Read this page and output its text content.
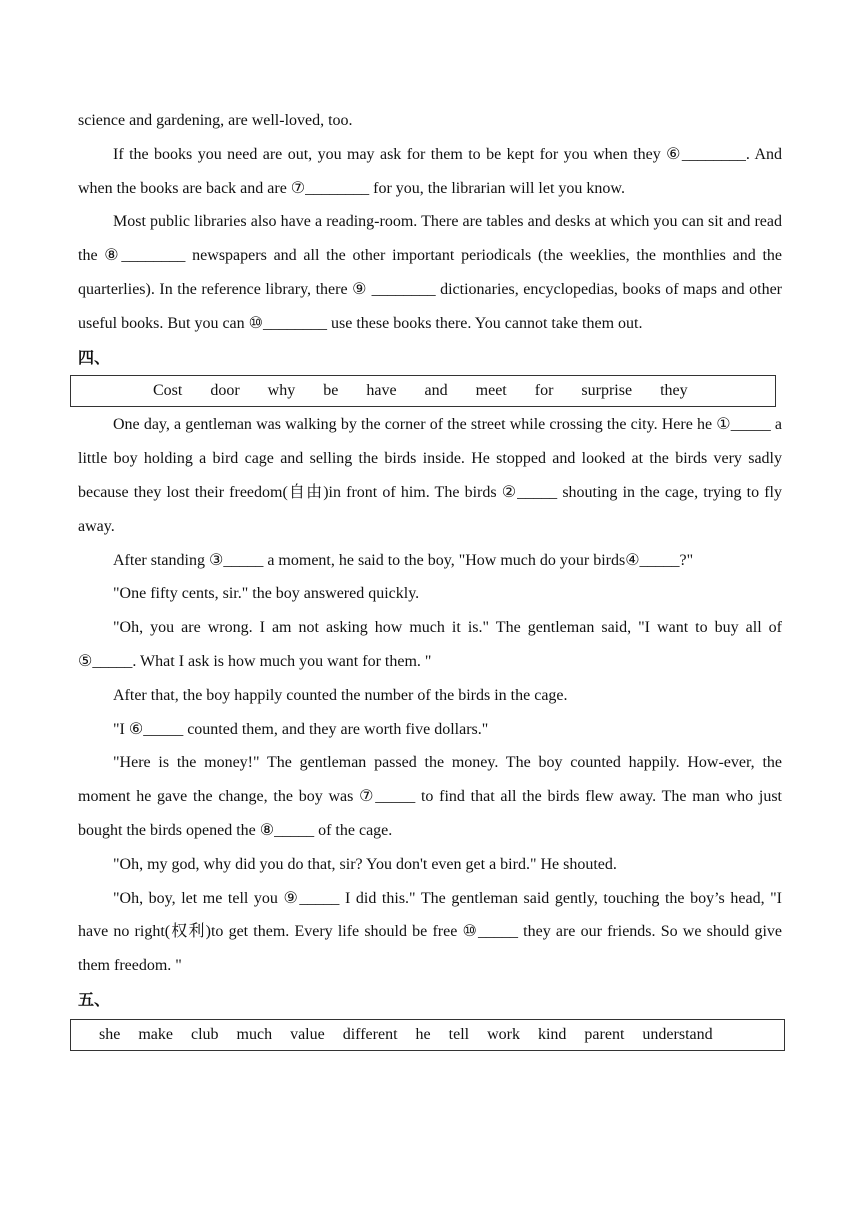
science and gardening, are well-loved, too.

If the books you need are out, you may ask for them to be kept for you when they ⑥________. And when the books are back and are ⑦________ for you, the librarian will let you know.

Most public libraries also have a reading-room. There are tables and desks at which you can sit and read the ⑧________ newspapers and all the other important periodicals (the weeklies, the monthlies and the quarterlies). In the reference library, there ⑨ ________ dictionaries, encyclopedias, books of maps and other useful books. But you can ⑩________ use these books there. You cannot take them out.

四、
Cost door why be have and meet for surprise they

One day, a gentleman was walking by the corner of the street while crossing the city. Here he ①_____ a little boy holding a bird cage and selling the birds inside. He stopped and looked at the birds very sadly because they lost their freedom(自由)in front of him. The birds ②_____ shouting in the cage, trying to fly away.

After standing ③_____ a moment, he said to the boy, "How much do your birds④_____?"

"One fifty cents, sir." the boy answered quickly.

"Oh, you are wrong. I am not asking how much it is." The gentleman said, "I want to buy all of ⑤_____. What I ask is how much you want for them. "

After that, the boy happily counted the number of the birds in the cage.

"I ⑥_____ counted them, and they are worth five dollars."

"Here is the money!" The gentleman passed the money. The boy counted happily. How-ever, the moment he gave the change, the boy was ⑦_____ to find that all the birds flew away. The man who just bought the birds opened the ⑧_____ of the cage.

"Oh, my god, why did you do that, sir? You don't even get a bird." He shouted.

"Oh, boy, let me tell you ⑨_____ I did this." The gentleman said gently, touching the boy’s head, "I have no right(权利)to get them. Every life should be free ⑩_____ they are our friends. So we should give them freedom. "

五、
she make club much value different he tell work kind parent understand
